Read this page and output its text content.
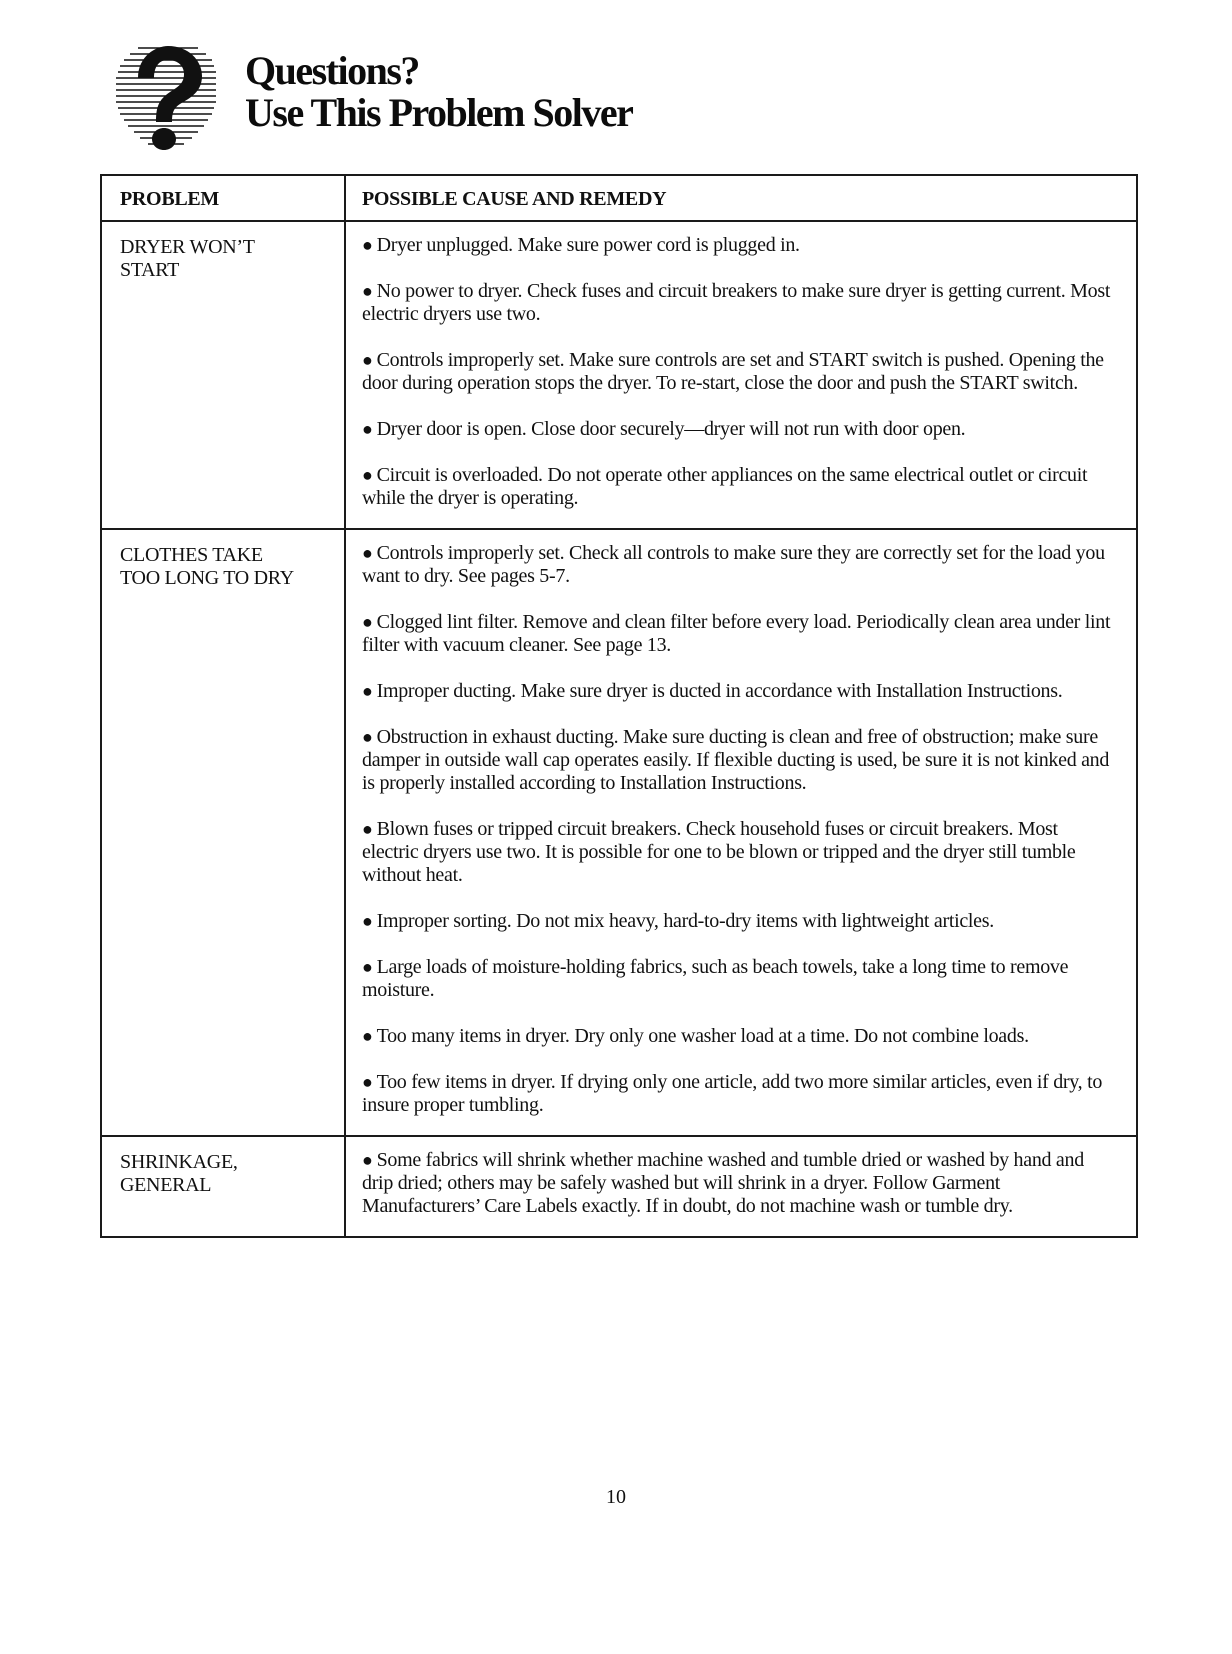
Questions?
Use This Problem Solver
PROBLEM	POSSIBLE CAUSE AND REMEDY
DRYER WON’T
START

● Dryer unplugged. Make sure power cord is plugged in.

● No power to dryer. Check fuses and circuit breakers to make sure dryer is getting current. Most electric dryers use two.

● Controls improperly set. Make sure controls are set and START switch is pushed. Opening the door during operation stops the dryer. To re-start, close the door and push the START switch.

● Dryer door is open. Close door securely—dryer will not run with door open.

● Circuit is overloaded. Do not operate other appliances on the same electrical outlet or circuit while the dryer is operating.

CLOTHES TAKE
TOO LONG TO DRY

● Controls improperly set. Check all controls to make sure they are correctly set for the load you want to dry. See pages 5-7.

● Clogged lint filter. Remove and clean filter before every load. Periodically clean area under lint filter with vacuum cleaner. See page 13.

● Improper ducting. Make sure dryer is ducted in accordance with Installation Instructions.

● Obstruction in exhaust ducting. Make sure ducting is clean and free of obstruction; make sure damper in outside wall cap operates easily. If flexible ducting is used, be sure it is not kinked and is properly installed according to Installation Instructions.

● Blown fuses or tripped circuit breakers. Check household fuses or circuit breakers. Most electric dryers use two. It is possible for one to be blown or tripped and the dryer still tumble without heat.

● Improper sorting. Do not mix heavy, hard-to-dry items with lightweight articles.

● Large loads of moisture-holding fabrics, such as beach towels, take a long time to remove moisture.

● Too many items in dryer. Dry only one washer load at a time. Do not combine loads.

● Too few items in dryer. If drying only one article, add two more similar articles, even if dry, to insure proper tumbling.

SHRINKAGE,
GENERAL

● Some fabrics will shrink whether machine washed and tumble dried or washed by hand and drip dried; others may be safely washed but will shrink in a dryer. Follow Garment Manufacturers’ Care Labels exactly. If in doubt, do not machine wash or tumble dry.

10
